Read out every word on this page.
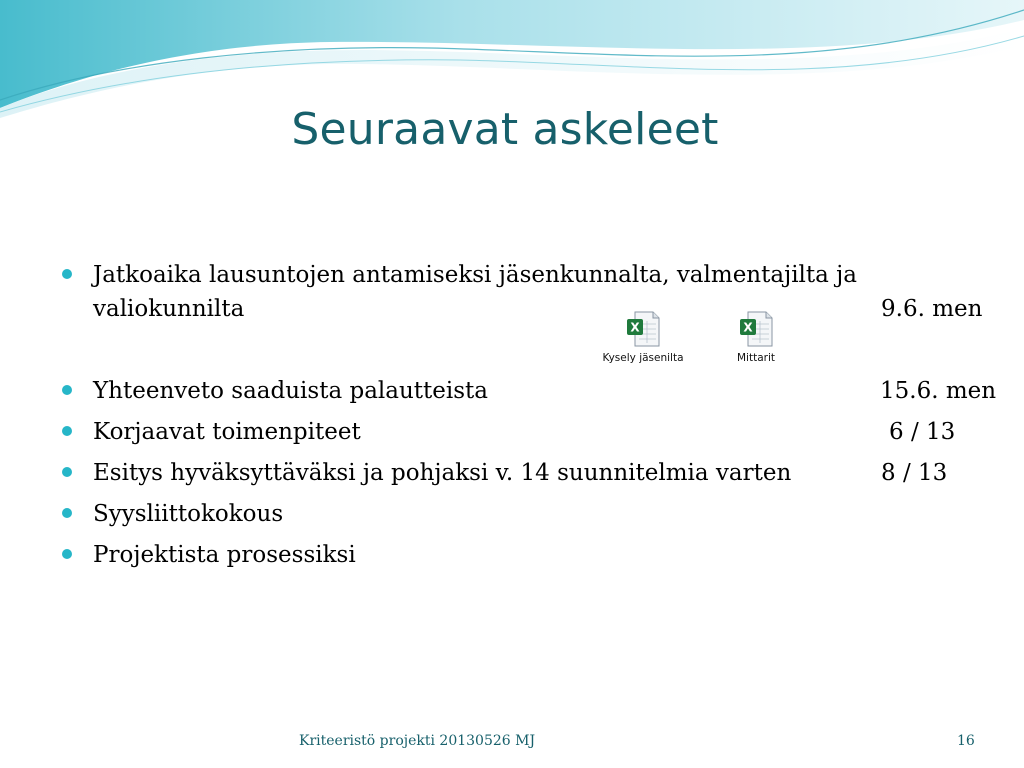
Seuraavat askeleet
Jatkoaika lausuntojen antamiseksi jäsenkunnalta, valmentajilta ja
valiokunnilta	9.6. men
Yhteenveto saaduista palautteista	15.6. men
Korjaavat toimenpiteet	6 / 13
Esitys hyväksyttäväksi ja pohjaksi v. 14 suunnitelmia varten	8 / 13
Syysliittokokous
Projektista prosessiksi
X
Kysely jäsenilta
X
Mittarit
Kriteeristö projekti 20130526 MJ	16
